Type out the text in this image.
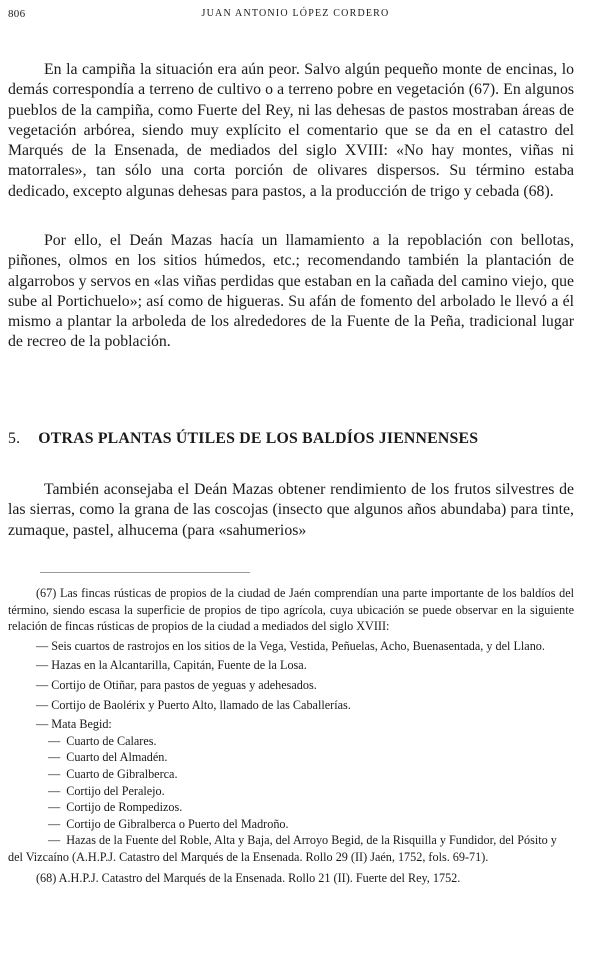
806	JUAN ANTONIO LÓPEZ CORDERO

En la campiña la situación era aún peor. Salvo algún pequeño monte de encinas, lo demás correspondía a terreno de cultivo o a terreno pobre en vegetación (67). En algunos pueblos de la campiña, como Fuerte del Rey, ni las dehesas de pastos mostraban áreas de vegetación arbórea, siendo muy explícito el comentario que se da en el catastro del Marqués de la Ensenada, de mediados del siglo XVIII: «No hay montes, viñas ni matorrales», tan sólo una corta porción de olivares dispersos. Su término estaba dedicado, excepto algunas dehesas para pastos, a la producción de trigo y cebada (68).

Por ello, el Deán Mazas hacía un llamamiento a la repoblación con bellotas, piñones, olmos en los sitios húmedos, etc.; recomendando también la plantación de algarrobos y servos en «las viñas perdidas que estaban en la cañada del camino viejo, que sube al Portichuelo»; así como de higueras. Su afán de fomento del arbolado le llevó a él mismo a plantar la arboleda de los alrededores de la Fuente de la Peña, tradicional lugar de recreo de la población.

5. OTRAS PLANTAS ÚTILES DE LOS BALDÍOS JIENNENSES

También aconsejaba el Deán Mazas obtener rendimiento de los frutos silvestres de las sierras, como la grana de las coscojas (insecto que algunos años abundaba) para tinte, zumaque, pastel, alhucema (para «sahumerios»

(67) Las fincas rústicas de propios de la ciudad de Jaén comprendían una parte importante de los baldíos del término, siendo escasa la superficie de propios de tipo agrícola, cuya ubicación se puede observar en la siguiente relación de fincas rústicas de propios de la ciudad a mediados del siglo XVIII:

— Seis cuartos de rastrojos en los sitios de la Vega, Vestida, Peñuelas, Acho, Buenasentada, y del Llano.

— Hazas en la Alcantarilla, Capitán, Fuente de la Losa.

— Cortijo de Otiñar, para pastos de yeguas y adehesados.

— Cortijo de Baolérix y Puerto Alto, llamado de las Caballerías.

— Mata Begid:

— Cuarto de Calares.

— Cuarto del Almadén.

— Cuarto de Gibralberca.

— Cortijo del Peralejo.

— Cortijo de Rompedizos.

— Cortijo de Gibralberca o Puerto del Madroño.

— Hazas de la Fuente del Roble, Alta y Baja, del Arroyo Begid, de la Risquilla y Fundidor, del Pósito y del Vizcaíno (A.H.P.J. Catastro del Marqués de la Ensenada. Rollo 29 (II) Jaén, 1752, fols. 69-71).

(68) A.H.P.J. Catastro del Marqués de la Ensenada. Rollo 21 (II). Fuerte del Rey, 1752.
